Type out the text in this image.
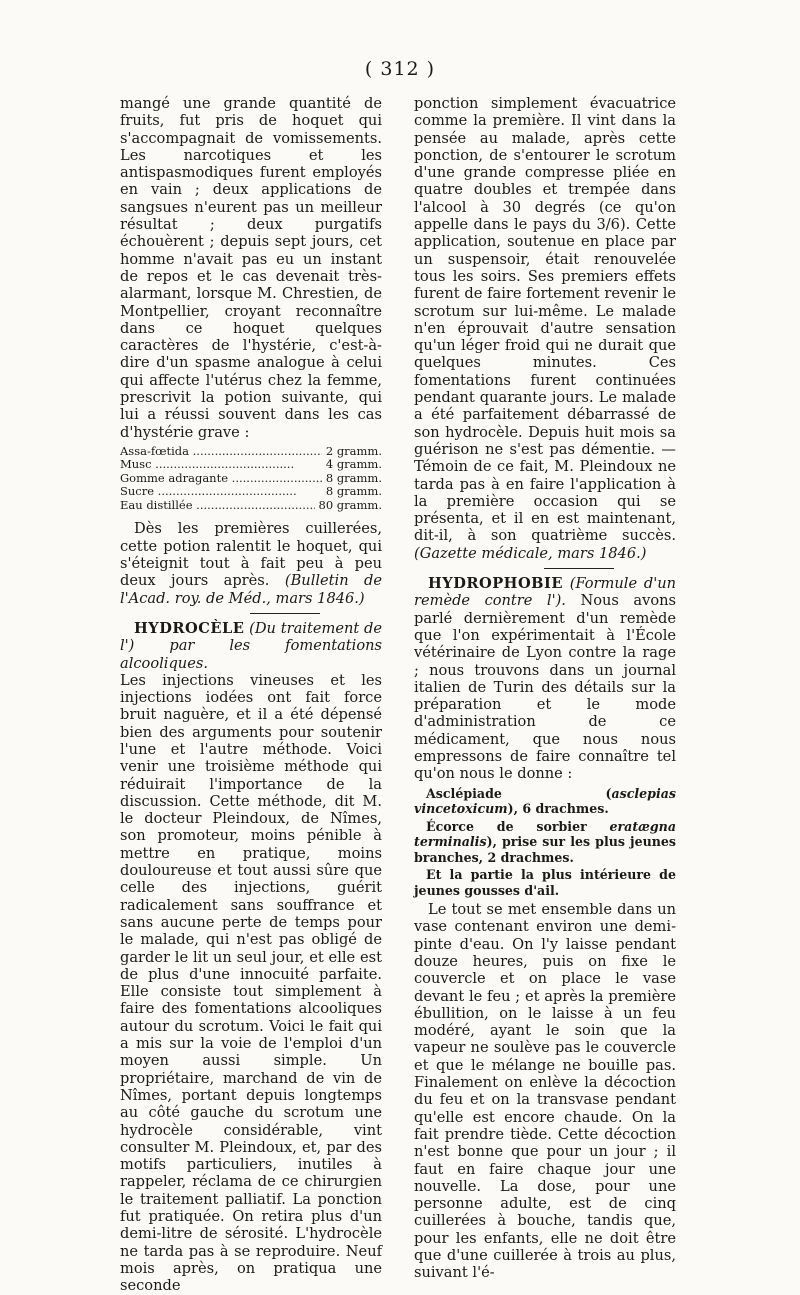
( 312 )

mangé une grande quantité de fruits, fut pris de hoquet qui s'accompagnait de vomissements. Les narcotiques et les antispasmodiques furent employés en vain ; deux applications de sangsues n'eurent pas un meilleur résultat ; deux purgatifs échouèrent ; depuis sept jours, cet homme n'avait pas eu un instant de repos et le cas devenait très-alarmant, lorsque M. Chrestien, de Montpellier, croyant reconnaître dans ce hoquet quelques caractères de l'hystérie, c'est-à-dire d'un spasme analogue à celui qui affecte l'utérus chez la femme, prescrivit la potion suivante, qui lui a réussi souvent dans les cas d'hystérie grave :

Assa-fœtida .....	2 gramm.
Musc .....	4 gramm.
Gomme adragante .....	8 gramm.
Sucre .....	8 gramm.
Eau distillée .....	80 gramm.

Dès les premières cuillerées, cette potion ralentit le hoquet, qui s'éteignit tout à fait peu à peu deux jours après. (Bulletin de l'Acad. roy. de Méd., mars 1846.)

HYDROCÈLE (Du traitement de l') par les fomentations alcooliques.

Les injections vineuses et les injections iodées ont fait force bruit naguère, et il a été dépensé bien des arguments pour soutenir l'une et l'autre méthode. Voici venir une troisième méthode qui réduirait l'importance de la discussion. Cette méthode, dit M. le docteur Pleindoux, de Nîmes, son promoteur, moins pénible à mettre en pratique, moins douloureuse et tout aussi sûre que celle des injections, guérit radicalement sans souffrance et sans aucune perte de temps pour le malade, qui n'est pas obligé de garder le lit un seul jour, et elle est de plus d'une innocuité parfaite. Elle consiste tout simplement à faire des fomentations alcooliques autour du scrotum. Voici le fait qui a mis sur la voie de l'emploi d'un moyen aussi simple. Un propriétaire, marchand de vin de Nîmes, portant depuis longtemps au côté gauche du scrotum une hydrocèle considérable, vint consulter M. Pleindoux, et, par des motifs particuliers, inutiles à rappeler, réclama de ce chirurgien le traitement palliatif. La ponction fut pratiquée. On retira plus d'un demi-litre de sérosité. L'hydrocèle ne tarda pas à se reproduire. Neuf mois après, on pratiqua une seconde

ponction simplement évacuatrice comme la première. Il vint dans la pensée au malade, après cette ponction, de s'entourer le scrotum d'une grande compresse pliée en quatre doubles et trempée dans l'alcool à 30 degrés (ce qu'on appelle dans le pays du 3/6). Cette application, soutenue en place par un suspensoir, était renouvelée tous les soirs. Ses premiers effets furent de faire fortement revenir le scrotum sur lui-même. Le malade n'en éprouvait d'autre sensation qu'un léger froid qui ne durait que quelques minutes. Ces fomentations furent continuées pendant quarante jours. Le malade a été parfaitement débarrassé de son hydrocèle. Depuis huit mois sa guérison ne s'est pas démentie. — Témoin de ce fait, M. Pleindoux ne tarda pas à en faire l'application à la première occasion qui se présenta, et il en est maintenant, dit-il, à son quatrième succès. (Gazette médicale, mars 1846.)

HYDROPHOBIE (Formule d'un remède contre l'). Nous avons parlé dernièrement d'un remède que l'on expérimentait à l'École vétérinaire de Lyon contre la rage ; nous trouvons dans un journal italien de Turin des détails sur la préparation et le mode d'administration de ce médicament, que nous nous empressons de faire connaître tel qu'on nous le donne :

Asclépiade (asclepias vincetoxicum), 6 drachmes.

Écorce de sorbier eratægna terminalis), prise sur les plus jeunes branches, 2 drachmes.

Et la partie la plus intérieure de jeunes gousses d'ail.

Le tout se met ensemble dans un vase contenant environ une demi-pinte d'eau. On l'y laisse pendant douze heures, puis on fixe le couvercle et on place le vase devant le feu ; et après la première ébullition, on le laisse à un feu modéré, ayant le soin que la vapeur ne soulève pas le couvercle et que le mélange ne bouille pas. Finalement on enlève la décoction du feu et on la transvase pendant qu'elle est encore chaude. On la fait prendre tiède. Cette décoction n'est bonne que pour un jour ; il faut en faire chaque jour une nouvelle. La dose, pour une personne adulte, est de cinq cuillerées à bouche, tandis que, pour les enfants, elle ne doit être que d'une cuillerée à trois au plus, suivant l'é-
